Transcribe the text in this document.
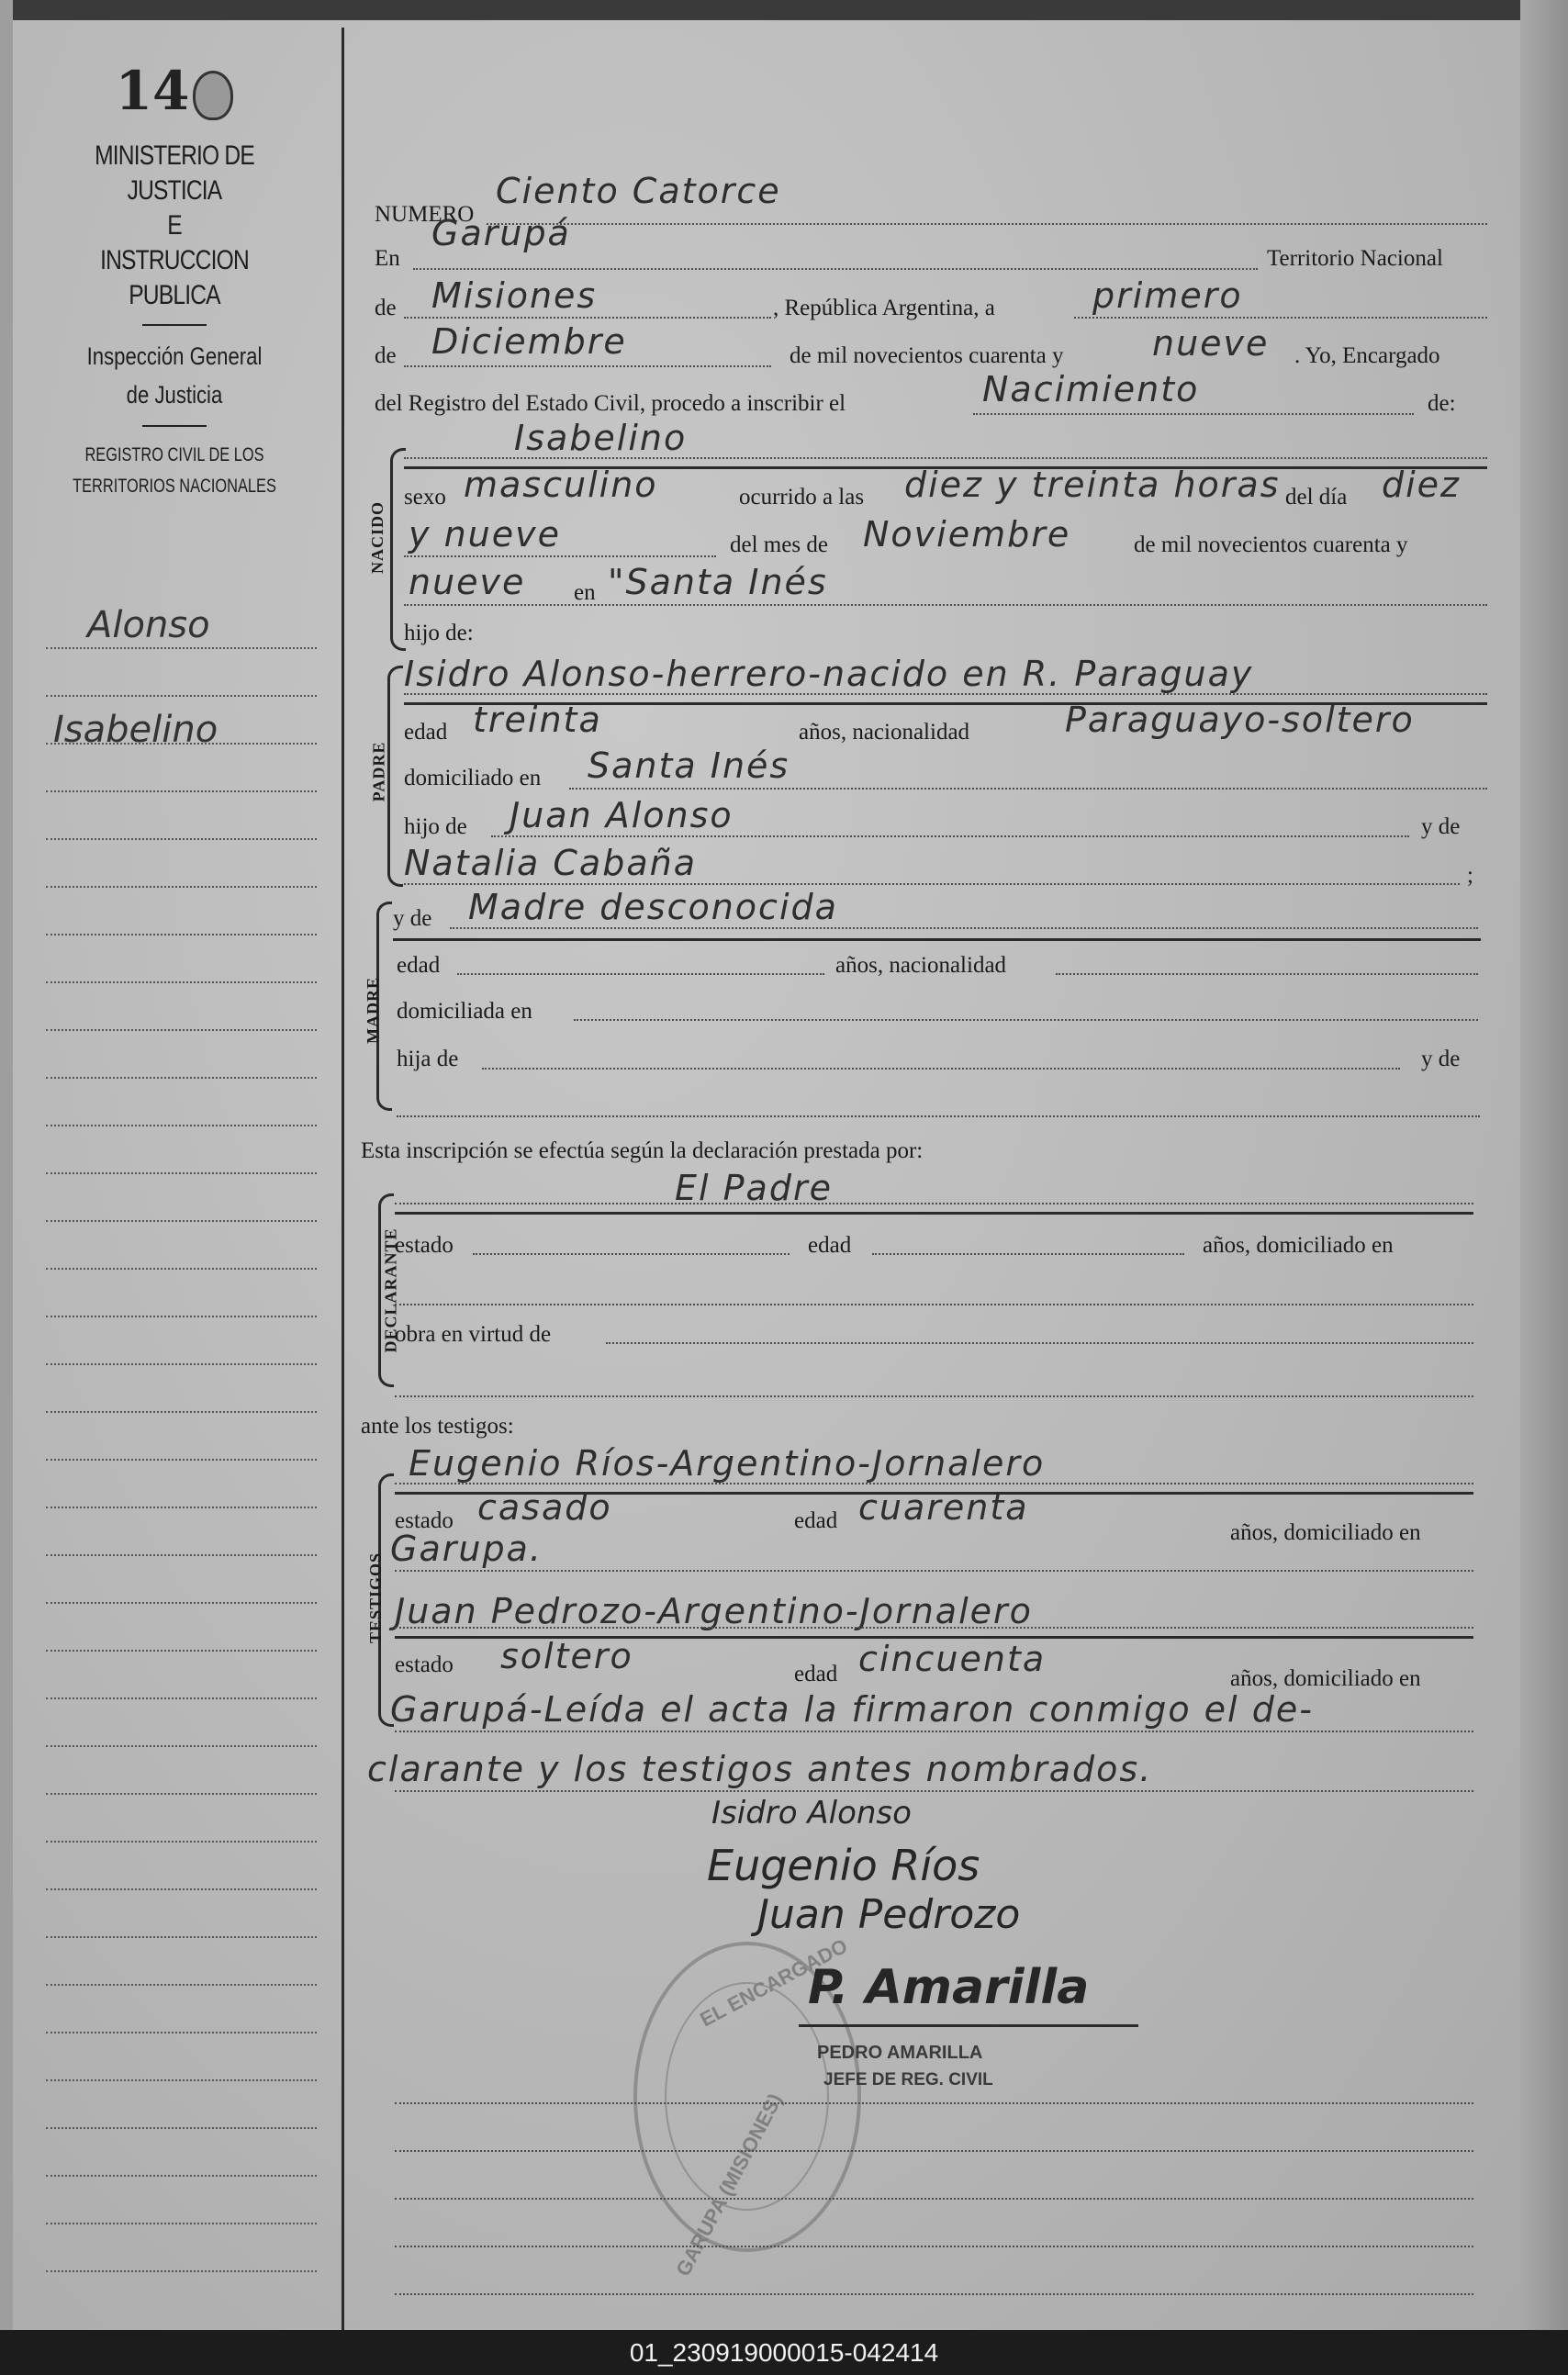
14
MINISTERIO DE JUSTICIA
E
INSTRUCCION PUBLICA
Inspección General
de Justicia
REGISTRO CIVIL DE LOS
TERRITORIOS NACIONALES
Alonso
Isabelino
NUMERO
Ciento Catorce
En
Garupá
Territorio Nacional
de Misiones	, República Argentina, a	primero
de Diciembre	de mil novecientos cuarenta y	nueve . Yo, Encargado
del Registro del Estado Civil, procedo a inscribir el	Nacimiento	de:
NACIDO
Isabelino
sexo masculino	ocurrido a las diez y treinta horas del día diez
y nueve	del mes de Noviembre	de mil novecientos cuarenta y
nueve en "Santa Inés
hijo de:
PADRE
Isidro Alonso-herrero-nacido en R. Paraguay
edad treinta	años, nacionalidad	Paraguayo-soltero
domiciliado en Santa Inés
hijo de Juan Alonso	y de
Natalia Cabaña	;
MADRE
y de Madre desconocida
edad	años, nacionalidad
domiciliada en
hija de	y de
Esta inscripción se efectúa según la declaración prestada por:
DECLARANTE
El Padre
estado	edad	años, domiciliado en
obra en virtud de
ante los testigos:
TESTIGOS
Eugenio Ríos-Argentino-Jornalero
estado casado	edad cuarenta
años, domiciliado en
Garupa.
Juan Pedrozo-Argentino-Jornalero
estado soltero	edad cincuenta	años, domiciliado en
Garupá-Leída el acta la firmaron conmigo el de-
clarante y los testigos antes nombrados.
Isidro Alonso
Eugenio Ríos
Juan Pedrozo
EL ENCARGADO
GARUPA (MISIONES)
P. Amarilla
PEDRO AMARILLA
JEFE DE REG. CIVIL
01_230919000015-042414
